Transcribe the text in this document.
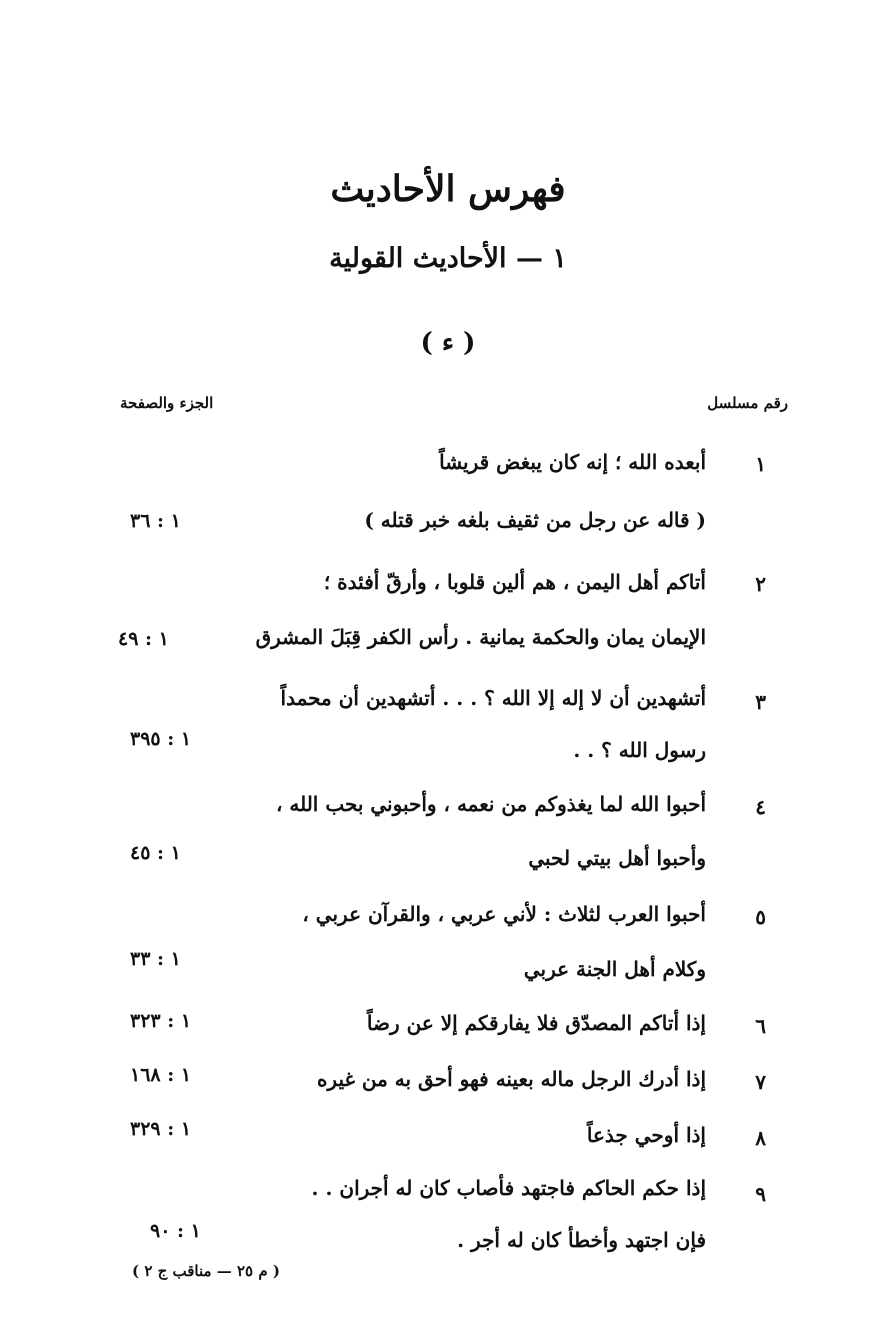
فهرس الأحاديث
١ — الأحاديث القولية
( ء )
رقم مسلسل
الجزء والصفحة
١
أبعده الله ؛ إنه كان يبغض قريشاً
( قاله عن رجل من ثقيف بلغه خبر قتله )
١ : ٣٦
٢
أتاكم أهل اليمن ، هم ألين قلوبا ، وأرقّ أفئدة ؛
الإيمان يمان والحكمة يمانية . رأس الكفر قِبَلَ المشرق
١ : ٤٩
٣
أتشهدين أن لا إله إلا الله ؟ . . . أتشهدين أن محمداً
رسول الله ؟ . .
١ : ٣٩٥
٤
أحبوا الله لما يغذوكم من نعمه ، وأحبوني بحب الله ،
وأحبوا أهل بيتي لحبي
١ : ٤٥
٥
أحبوا العرب لثلاث : لأني عربي ، والقرآن عربي ،
وكلام أهل الجنة عربي
١ : ٣٣
٦
إذا أتاكم المصدّق فلا يفارقكم إلا عن رضاً
١ : ٣٢٣
٧
إذا أدرك الرجل ماله بعينه فهو أحق به من غيره
١ : ١٦٨
٨
إذا أوحي جذعاً
١ : ٣٢٩
٩
إذا حكم الحاكم فاجتهد فأصاب كان له أجران . .
فإن اجتهد وأخطأ كان له أجر .
١ : ٩٠
( م ٢٥ — مناقب ج ٢ )
